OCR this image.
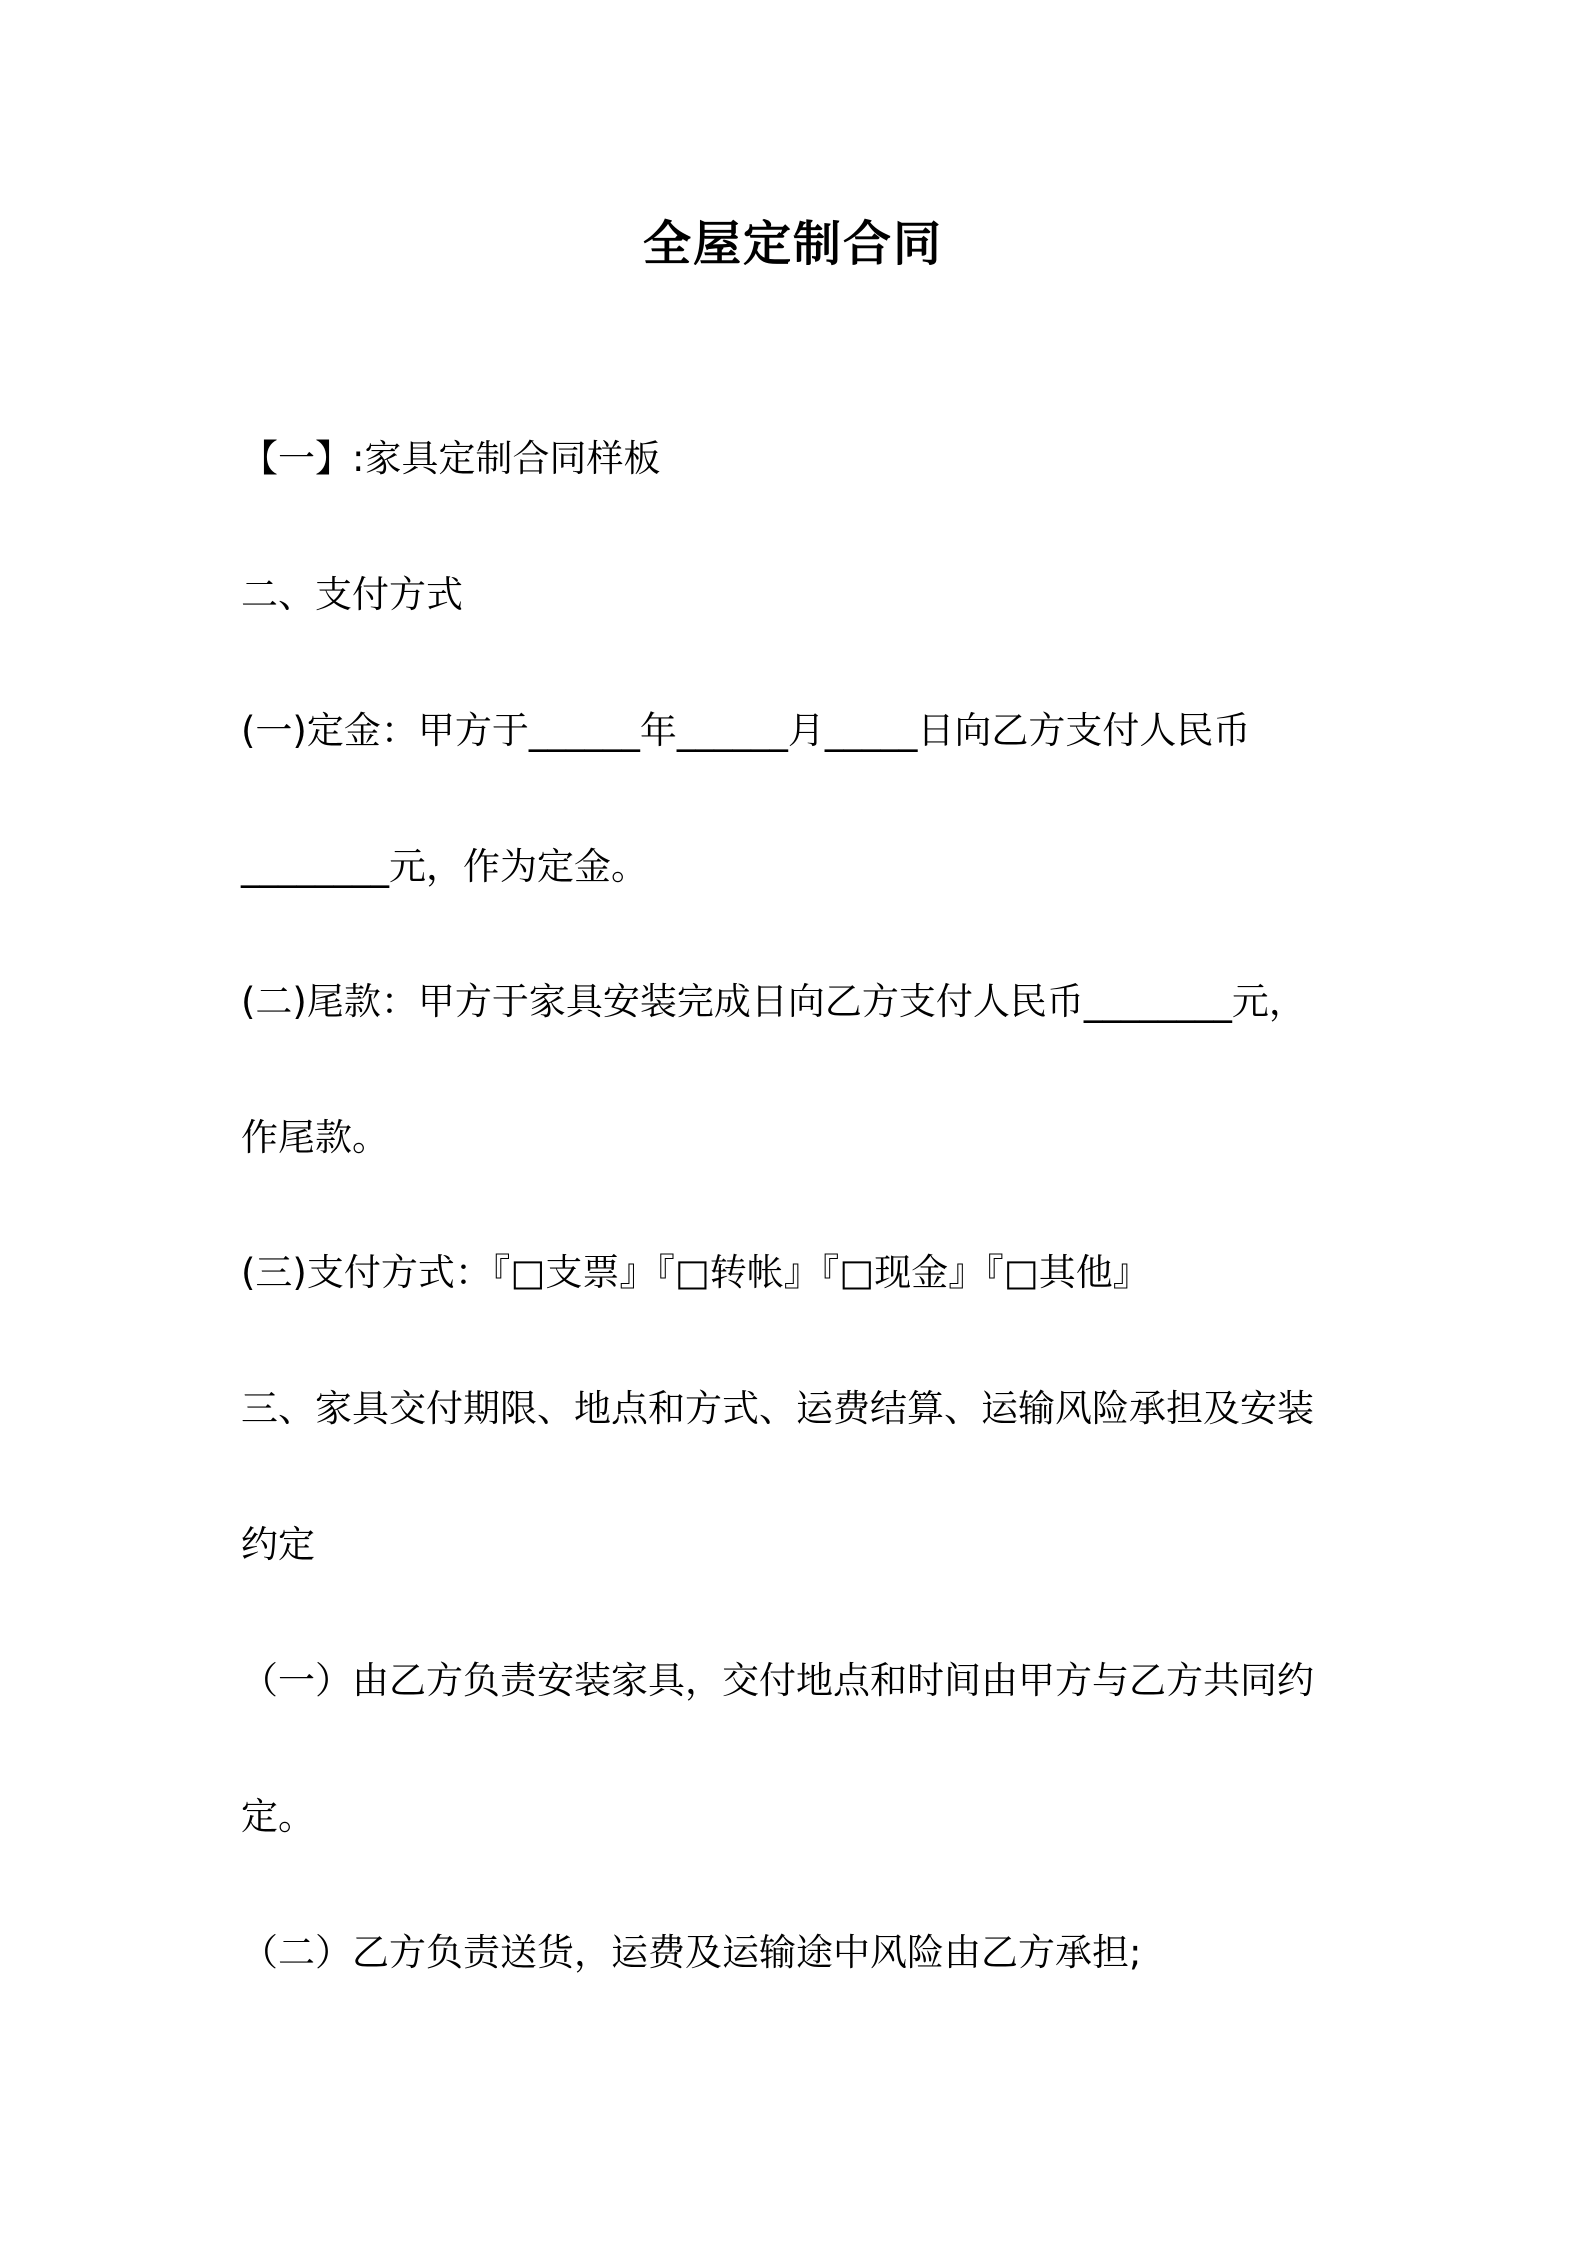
全屋定制合同
【一】:家具定制合同样板
二、支付方式
(一)定金：甲方于______年______月_____日向乙方支付人民币
________元，作为定金。
(二)尾款：甲方于家具安装完成日向乙方支付人民币________元，
作尾款。
(三)支付方式：『□支票』『□转帐』『□现金』『□其他』
三、家具交付期限、地点和方式、运费结算、运输风险承担及安装
约定
（一）由乙方负责安装家具，交付地点和时间由甲方与乙方共同约
定。
（二）乙方负责送货，运费及运输途中风险由乙方承担;
